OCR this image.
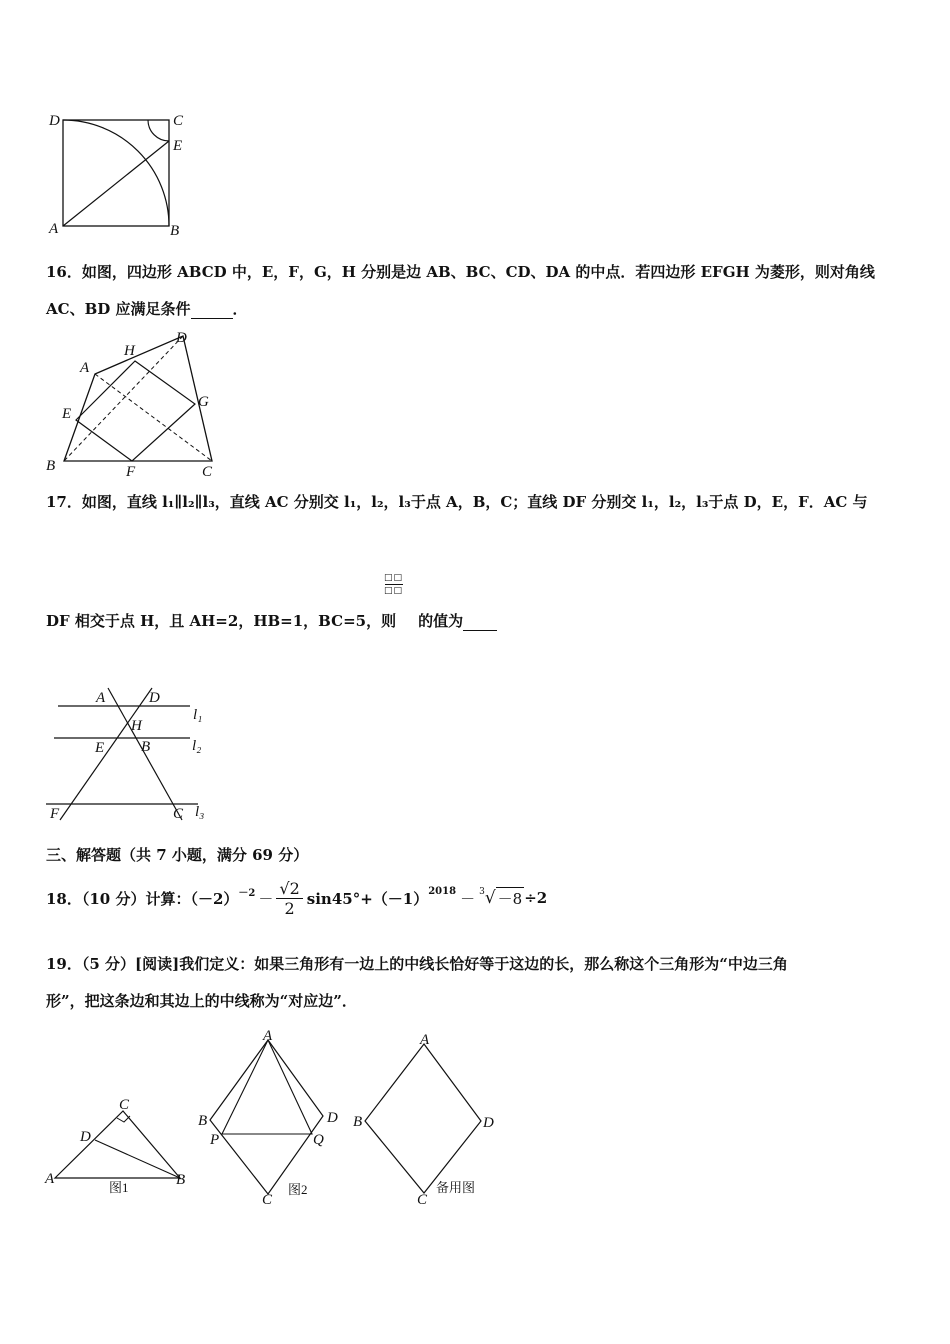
D	C
E
A	B
16．如图，四边形 ABCD 中，E，F，G，H 分别是边 AB、BC、CD、DA 的中点．若四边形 EFGH 为菱形，则对角线
AC、BD 应满足条件	．
A
H
D
E
G
B	F	C
17．如图，直线 l₁∥l₂∥l₃，直线 AC 分别交 l₁，l₂，l₃于点 A，B，C；直线 DF 分别交 l₁，l₂，l₃于点 D，E，F．AC 与
□□
□□
DF 相交于点 H，且 AH=2，HB=1，BC=5，则 的值为
A	D
l₁
H
E B	l₂
F	C l₃
三、解答题（共 7 小题，满分 69 分）
18．（10 分）计算：$(-2) -2 - \frac{√2}{2} \sin 45^\circ+(-1) 2018 - 3$ √ －8 ÷2
19．（5 分）[阅读]我们定义：如果三角形有一边上的中线长恰好等于这边的长，那么称这个三角形为“中边三角
形”，把这条边和其边上的中线称为“对应边”．
C
D
A	B
图1
A
B	D
P	Q
C
图2
A
B	D
C
备用图
